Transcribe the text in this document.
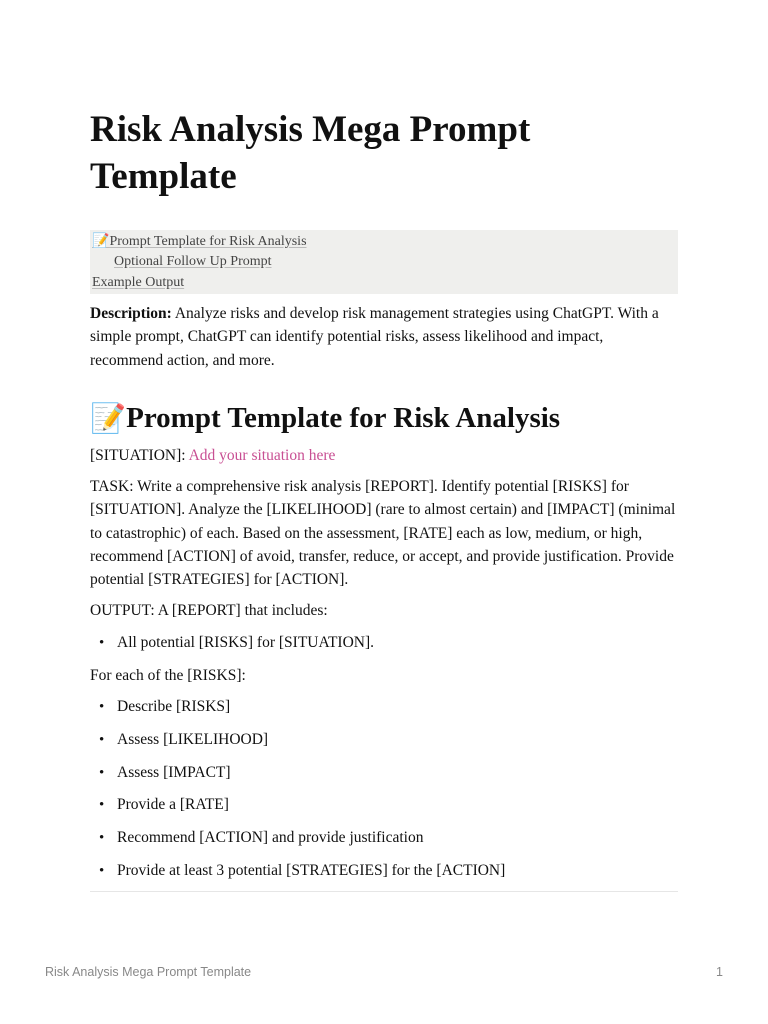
Risk Analysis Mega Prompt Template
📝Prompt Template for Risk Analysis
Optional Follow Up Prompt
Example Output

Description: Analyze risks and develop risk management strategies using ChatGPT. With a simple prompt, ChatGPT can identify potential risks, assess likelihood and impact, recommend action, and more.

📝 Prompt Template for Risk Analysis

[SITUATION]: Add your situation here

TASK: Write a comprehensive risk analysis [REPORT]. Identify potential [RISKS] for [SITUATION]. Analyze the [LIKELIHOOD] (rare to almost certain) and [IMPACT] (minimal to catastrophic) of each. Based on the assessment, [RATE] each as low, medium, or high, recommend [ACTION] of avoid, transfer, reduce, or accept, and provide justification. Provide potential [STRATEGIES] for [ACTION].

OUTPUT: A [REPORT] that includes:

• All potential [RISKS] for [SITUATION].

For each of the [RISKS]:

• Describe [RISKS]
• Assess [LIKELIHOOD]
• Assess [IMPACT]
• Provide a [RATE]
• Recommend [ACTION] and provide justification
• Provide at least 3 potential [STRATEGIES] for the [ACTION]
Risk Analysis Mega Prompt Template	1
